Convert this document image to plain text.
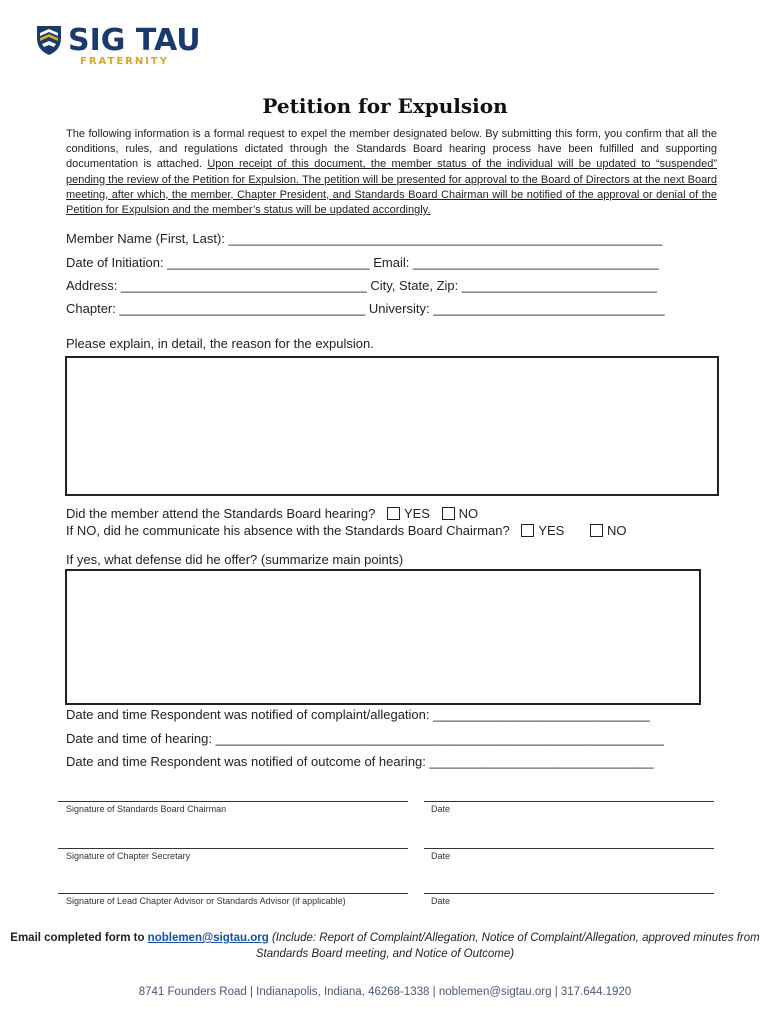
SIG TAU
FRATERNITY
Petition for Expulsion
The following information is a formal request to expel the member designated below. By submitting this form, you confirm that all the conditions, rules, and regulations dictated through the Standards Board hearing process have been fulfilled and supporting documentation is attached. Upon receipt of this document, the member status of the individual will be updated to “suspended” pending the review of the Petition for Expulsion. The petition will be presented for approval to the Board of Directors at the next Board meeting, after which, the member, Chapter President, and Standards Board Chairman will be notified of the approval or denial of the Petition for Expulsion and the member’s status will be updated accordingly.
Member Name (First, Last): ____________________________________________________________
Date of Initiation: ____________________________ Email: __________________________________
Address: __________________________________ City, State, Zip: ___________________________
Chapter: __________________________________ University: ________________________________
Please explain, in detail, the reason for the expulsion.
Did the member attend the Standards Board hearing? YES NO
If NO, did he communicate his absence with the Standards Board Chairman? YES	NO
If yes, what defense did he offer? (summarize main points)
Date and time Respondent was notified of complaint/allegation: ______________________________
Date and time of hearing: ______________________________________________________________
Date and time Respondent was notified of outcome of hearing: _______________________________
Signature of Standards Board Chairman	Date
Signature of Chapter Secretary	Date
Signature of Lead Chapter Advisor or Standards Advisor (if applicable)	Date
Email completed form to noblemen@sigtau.org (Include: Report of Complaint/Allegation, Notice of Complaint/Allegation, approved minutes from Standards Board meeting, and Notice of Outcome)
8741 Founders Road | Indianapolis, Indiana, 46268-1338 | noblemen@sigtau.org | 317.644.1920
